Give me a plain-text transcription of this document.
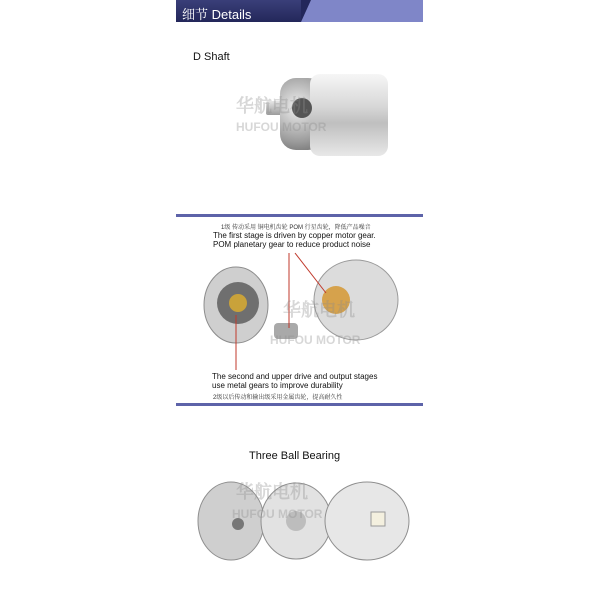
细节 Details
D Shaft
华航电机
HUFOU MOTOR
1级 传动采用 铜电机齿轮 POM 行星齿轮，降低产品噪音
The first stage is driven by copper motor gear.
POM planetary gear to reduce product noise
华航电机
HUFOU MOTOR
The second and upper drive and output stages
use metal gears to improve durability
2级以后传动和输出级采用金属齿轮，提高耐久性
Three Ball Bearing
华航电机
HUFOU MOTOR
